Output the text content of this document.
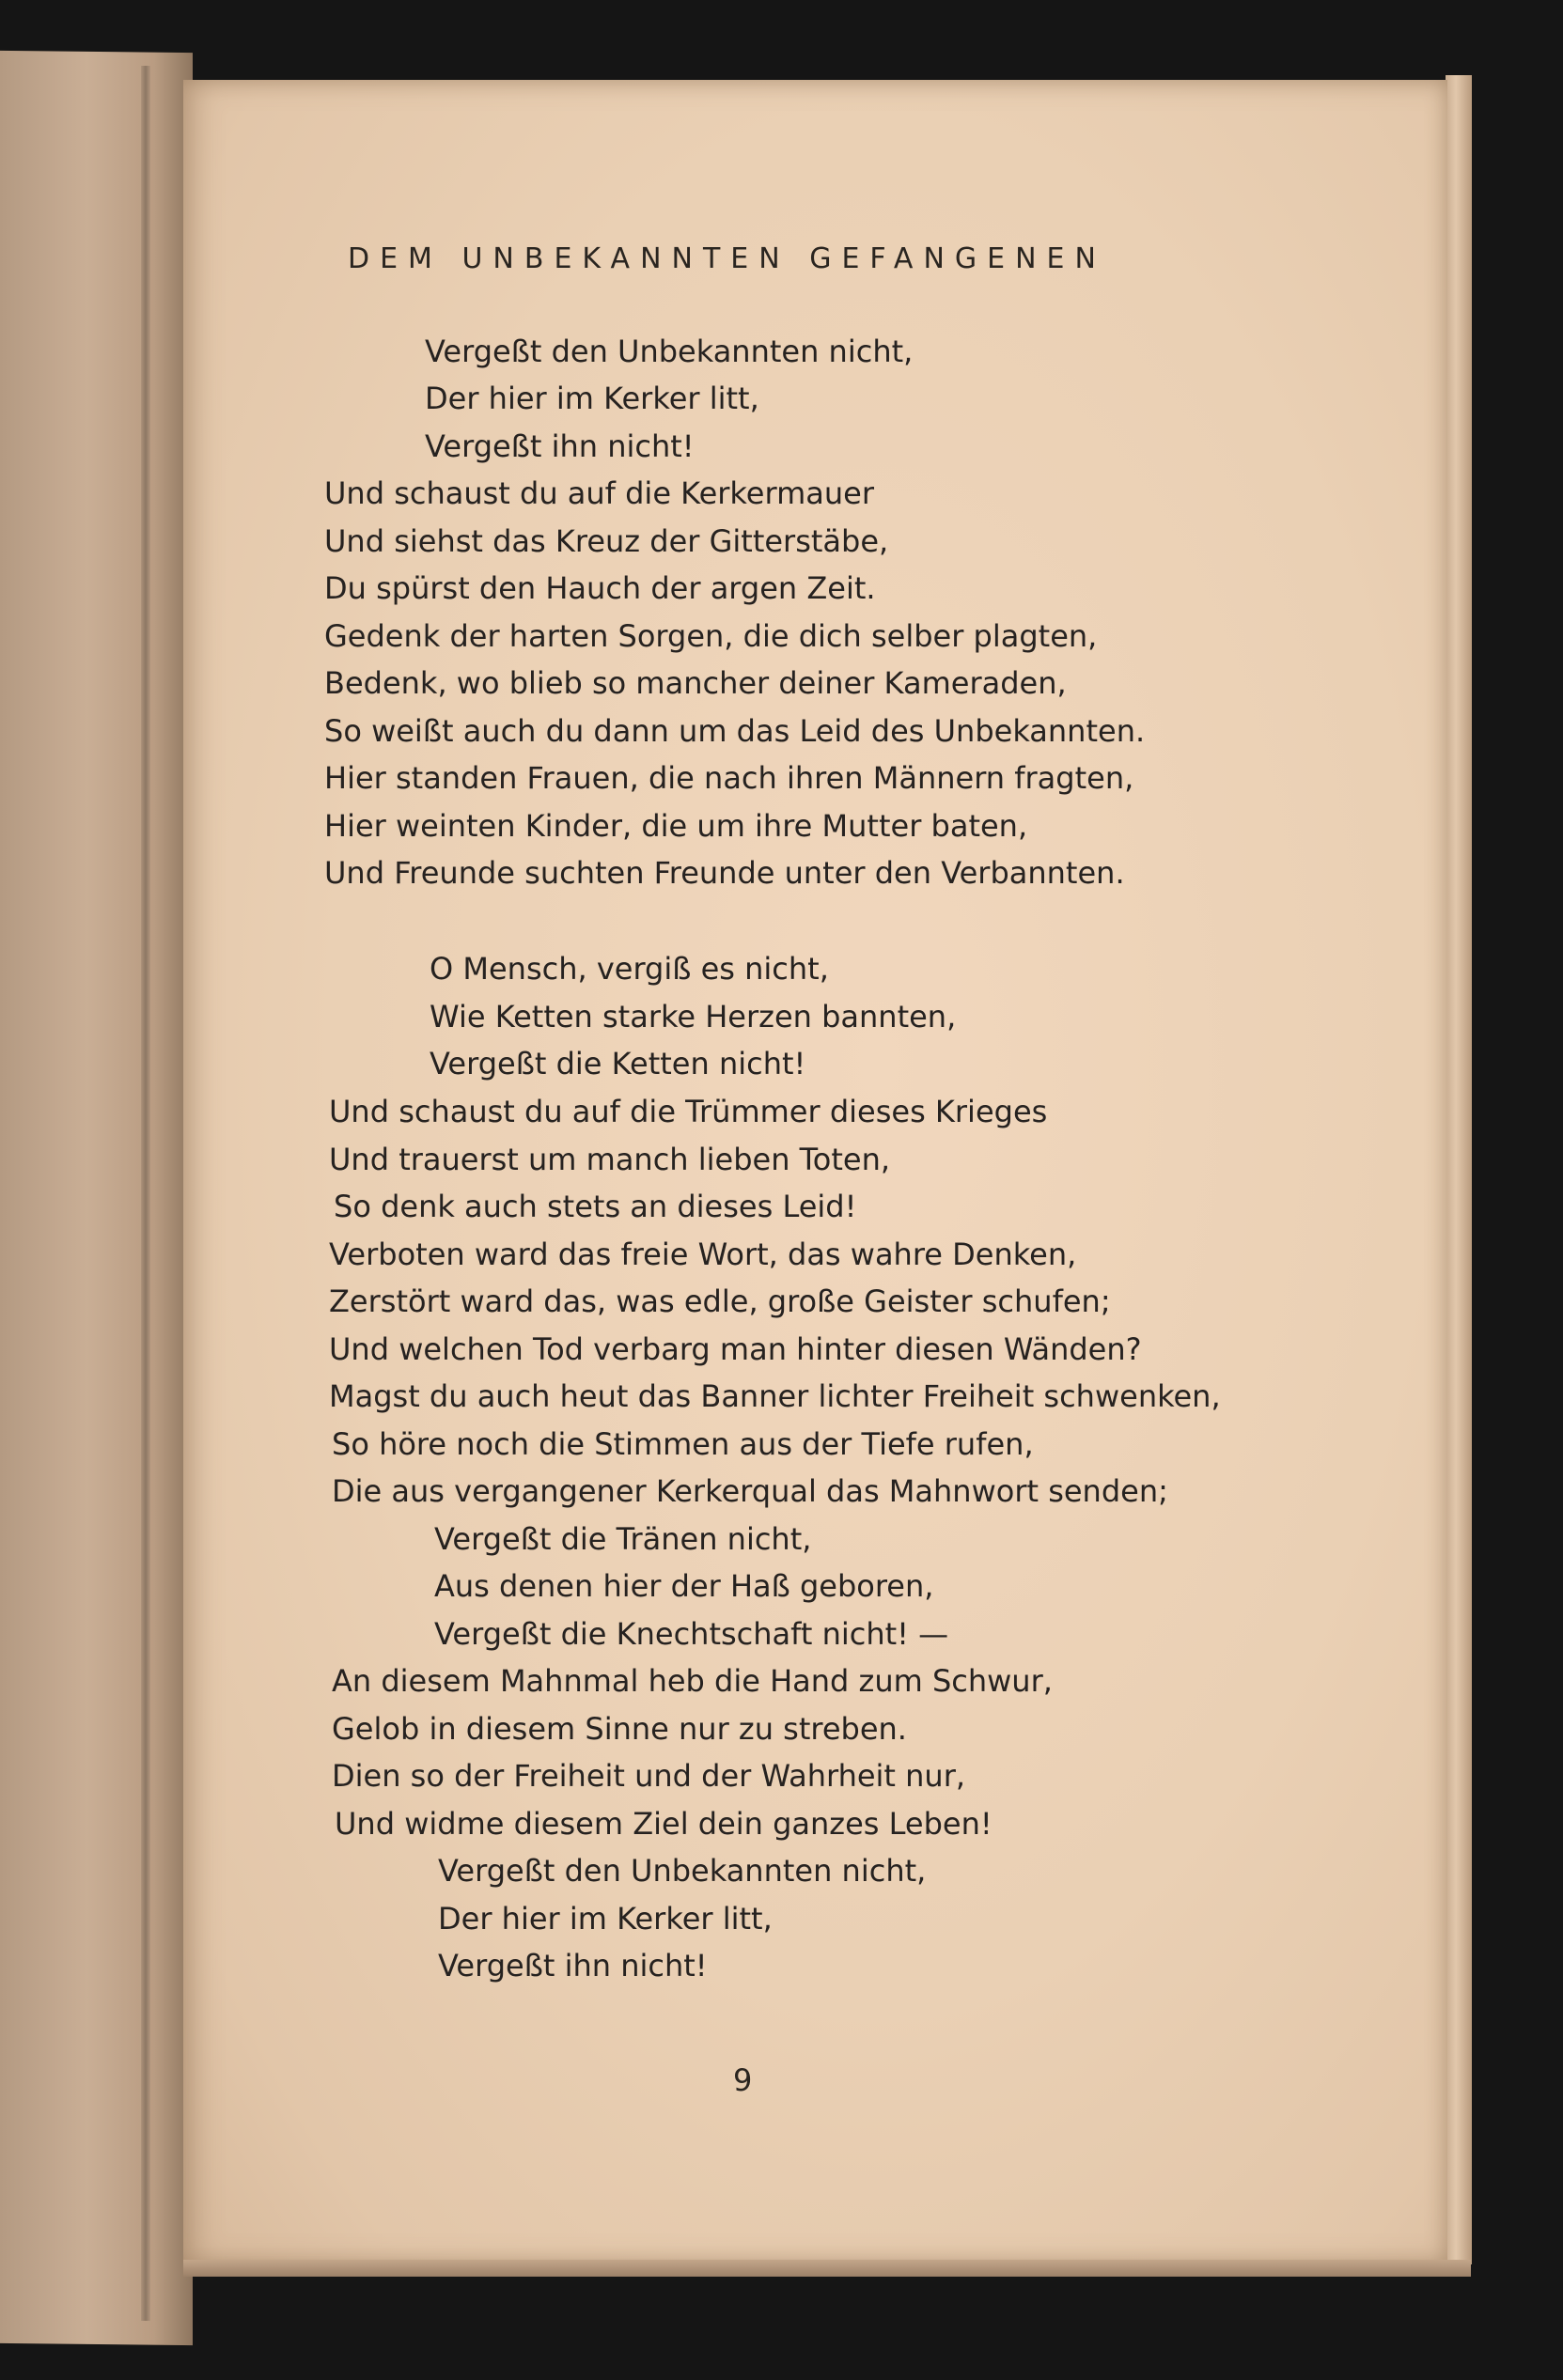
DEM UNBEKANNTEN GEFANGENEN
Vergeßt den Unbekannten nicht,
Der hier im Kerker litt,
Vergeßt ihn nicht!
Und schaust du auf die Kerkermauer
Und siehst das Kreuz der Gitterstäbe,
Du spürst den Hauch der argen Zeit.
Gedenk der harten Sorgen, die dich selber plagten,
Bedenk, wo blieb so mancher deiner Kameraden,
So weißt auch du dann um das Leid des Unbekannten.
Hier standen Frauen, die nach ihren Männern fragten,
Hier weinten Kinder, die um ihre Mutter baten,
Und Freunde suchten Freunde unter den Verbannten.
O Mensch, vergiß es nicht,
Wie Ketten starke Herzen bannten,
Vergeßt die Ketten nicht!
Und schaust du auf die Trümmer dieses Krieges
Und trauerst um manch lieben Toten,
So denk auch stets an dieses Leid!
Verboten ward das freie Wort, das wahre Denken,
Zerstört ward das, was edle, große Geister schufen;
Und welchen Tod verbarg man hinter diesen Wänden?
Magst du auch heut das Banner lichter Freiheit schwenken,
So höre noch die Stimmen aus der Tiefe rufen,
Die aus vergangener Kerkerqual das Mahnwort senden;
Vergeßt die Tränen nicht,
Aus denen hier der Haß geboren,
Vergeßt die Knechtschaft nicht! —
An diesem Mahnmal heb die Hand zum Schwur,
Gelob in diesem Sinne nur zu streben.
Dien so der Freiheit und der Wahrheit nur,
Und widme diesem Ziel dein ganzes Leben!
Vergeßt den Unbekannten nicht,
Der hier im Kerker litt,
Vergeßt ihn nicht!
9
